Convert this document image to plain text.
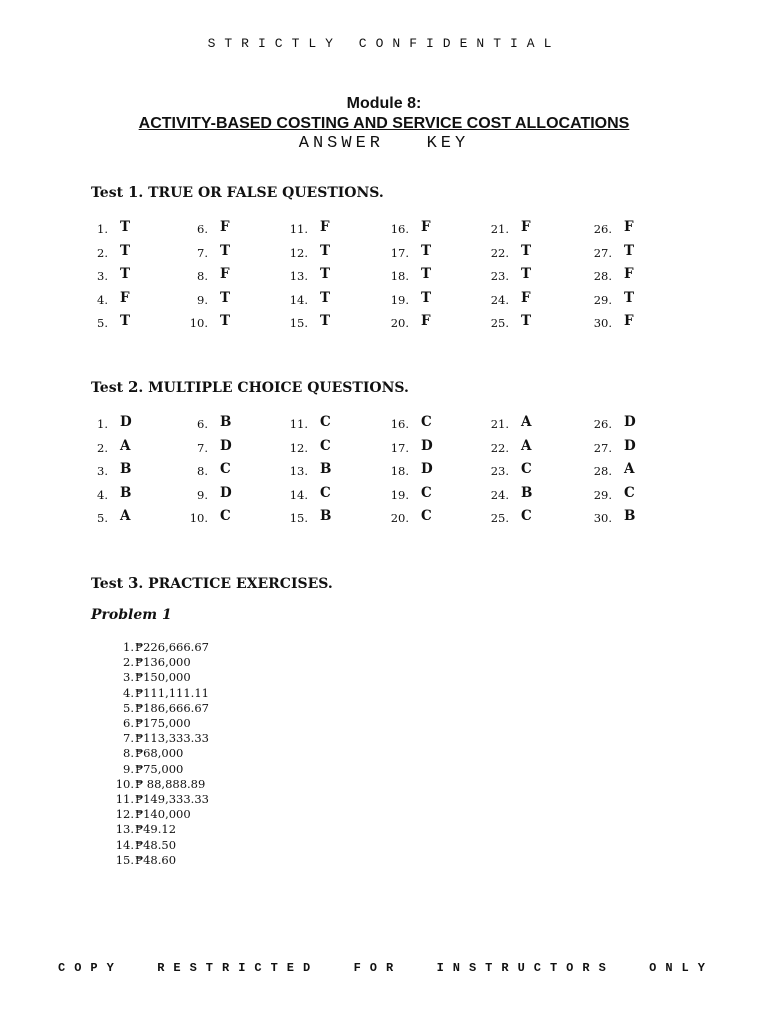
STRICTLY CONFIDENTIAL
Module 8:
ACTIVITY-BASED COSTING AND SERVICE COST ALLOCATIONS
ANSWER   KEY
Test 1. TRUE OR FALSE QUESTIONS.
1. T	6. F	11. F	16. F	21. F	26. F
2. T	7. T	12. T	17. T	22. T	27. T
3. T	8. F	13. T	18. T	23. T	28. F
4. F	9. T	14. T	19. T	24. F	29. T
5. T	10. T	15. T	20. F	25. T	30. F
Test 2. MULTIPLE CHOICE QUESTIONS.
1. D	6. B	11. C	16. C	21. A	26. D
2. A	7. D	12. C	17. D	22. A	27. D
3. B	8. C	13. B	18. D	23. C	28. A
4. B	9. D	14. C	19. C	24. B	29. C
5. A	10. C	15. B	20. C	25. C	30. B
Test 3. PRACTICE EXERCISES.
Problem 1
1.₱226,666.67
2.₱136,000
3.₱150,000
4.₱111,111.11
5.₱186,666.67
6.₱175,000
7.₱113,333.33
8.₱68,000
9.₱75,000
10.₱ 88,888.89
11.₱149,333.33
12.₱140,000
13.₱49.12
14.₱48.50
15.₱48.60
COPY	RESTRICTED	FOR	INSTRUCTORS	ONLY
